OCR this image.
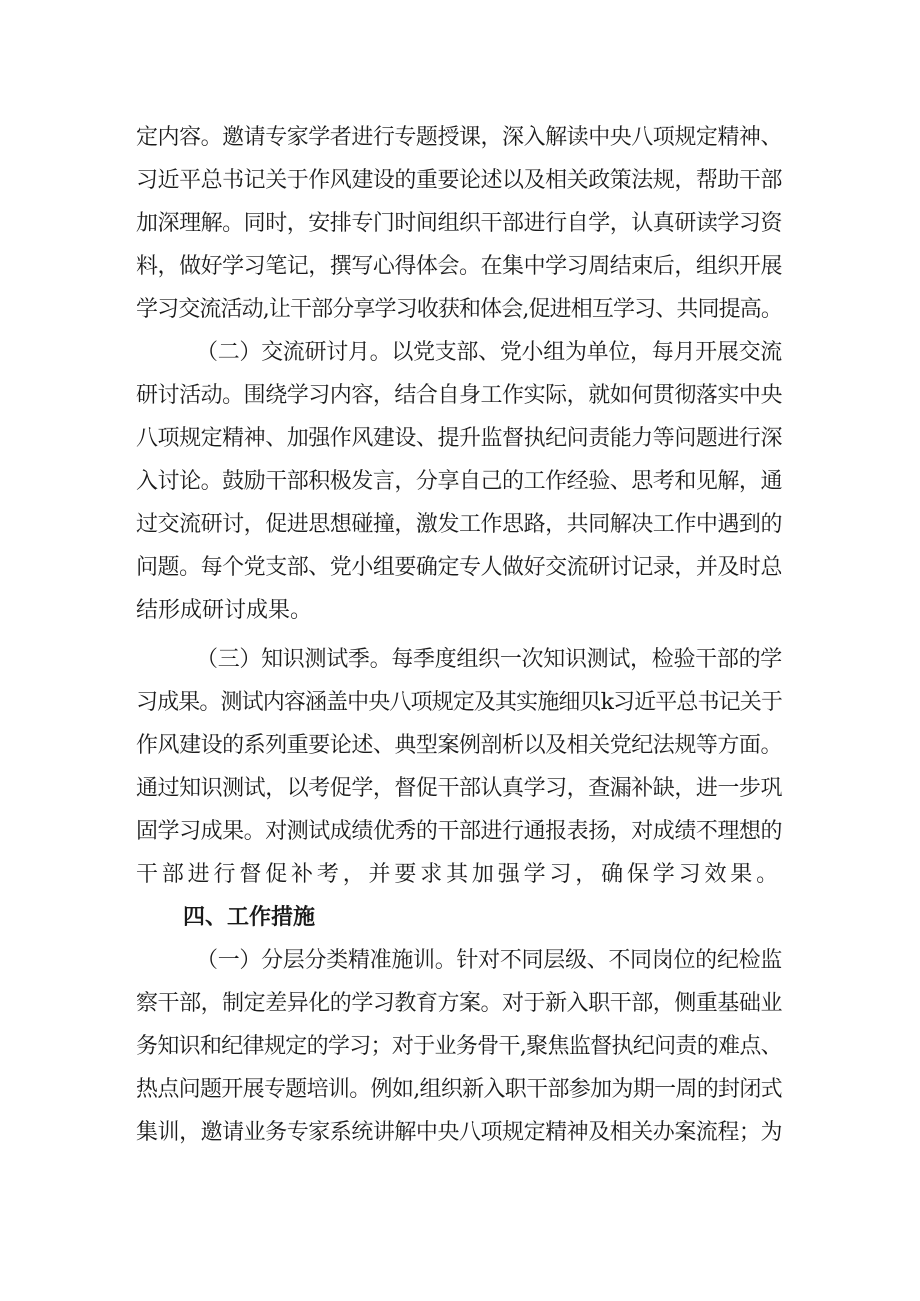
定内容。邀请专家学者进行专题授课，深入解读中央八项规定精神、
习近平总书记关于作风建设的重要论述以及相关政策法规，帮助干部
加深理解。同时，安排专门时间组织干部进行自学，认真研读学习资
料，做好学习笔记，撰写心得体会。在集中学习周结束后，组织开展
学习交流活动,让干部分享学习收获和体会,促进相互学习、共同提高。
（二）交流研讨月。以党支部、党小组为单位，每月开展交流
研讨活动。围绕学习内容，结合自身工作实际，就如何贯彻落实中央
八项规定精神、加强作风建设、提升监督执纪问责能力等问题进行深
入讨论。鼓励干部积极发言，分享自己的工作经验、思考和见解，通
过交流研讨，促进思想碰撞，激发工作思路，共同解决工作中遇到的
问题。每个党支部、党小组要确定专人做好交流研讨记录，并及时总
结形成研讨成果。
（三）知识测试季。每季度组织一次知识测试，检验干部的学
习成果。测试内容涵盖中央八项规定及其实施细贝k习近平总书记关于
作风建设的系列重要论述、典型案例剖析以及相关党纪法规等方面。
通过知识测试，以考促学，督促干部认真学习，查漏补缺，进一步巩
固学习成果。对测试成绩优秀的干部进行通报表扬，对成绩不理想的
干部进行督促补考，并要求其加强学习，确保学习效果。
四、工作措施
（一）分层分类精准施训。针对不同层级、不同岗位的纪检监
察干部，制定差异化的学习教育方案。对于新入职干部，侧重基础业
务知识和纪律规定的学习；对于业务骨干,聚焦监督执纪问责的难点、
热点问题开展专题培训。例如,组织新入职干部参加为期一周的封闭式
集训，邀请业务专家系统讲解中央八项规定精神及相关办案流程；为
